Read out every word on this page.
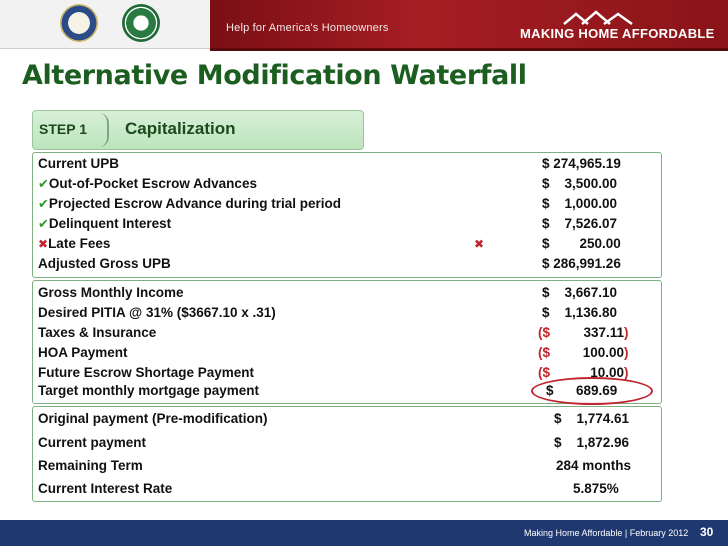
Help for America's Homeowners	MAKING HOME AFFORDABLE
Alternative Modification Waterfall
STEP 1 Capitalization
Current UPB	$ 274,965.19
✔Out-of-Pocket Escrow Advances	$    3,500.00
✔Projected Escrow Advance during trial period	$    1,000.00
✔Delinquent Interest	$    7,526.07
✖Late Fees	✖	$        250.00
Adjusted Gross UPB	$ 286,991.26
Gross Monthly Income	$    3,667.10
Desired PITIA @ 31% ($3667.10 x .31)	$    1,136.80
Taxes & Insurance	($ 337.11)
HOA Payment	($ 100.00)
Future Escrow Shortage Payment	($	10.00)
Target monthly mortgage payment	$      689.69
Original payment (Pre-modification)	$    1,774.61
Current payment	$    1,872.96
Remaining Term	284 months
Current Interest Rate	5.875%
Making Home Affordable | February 2012 30
